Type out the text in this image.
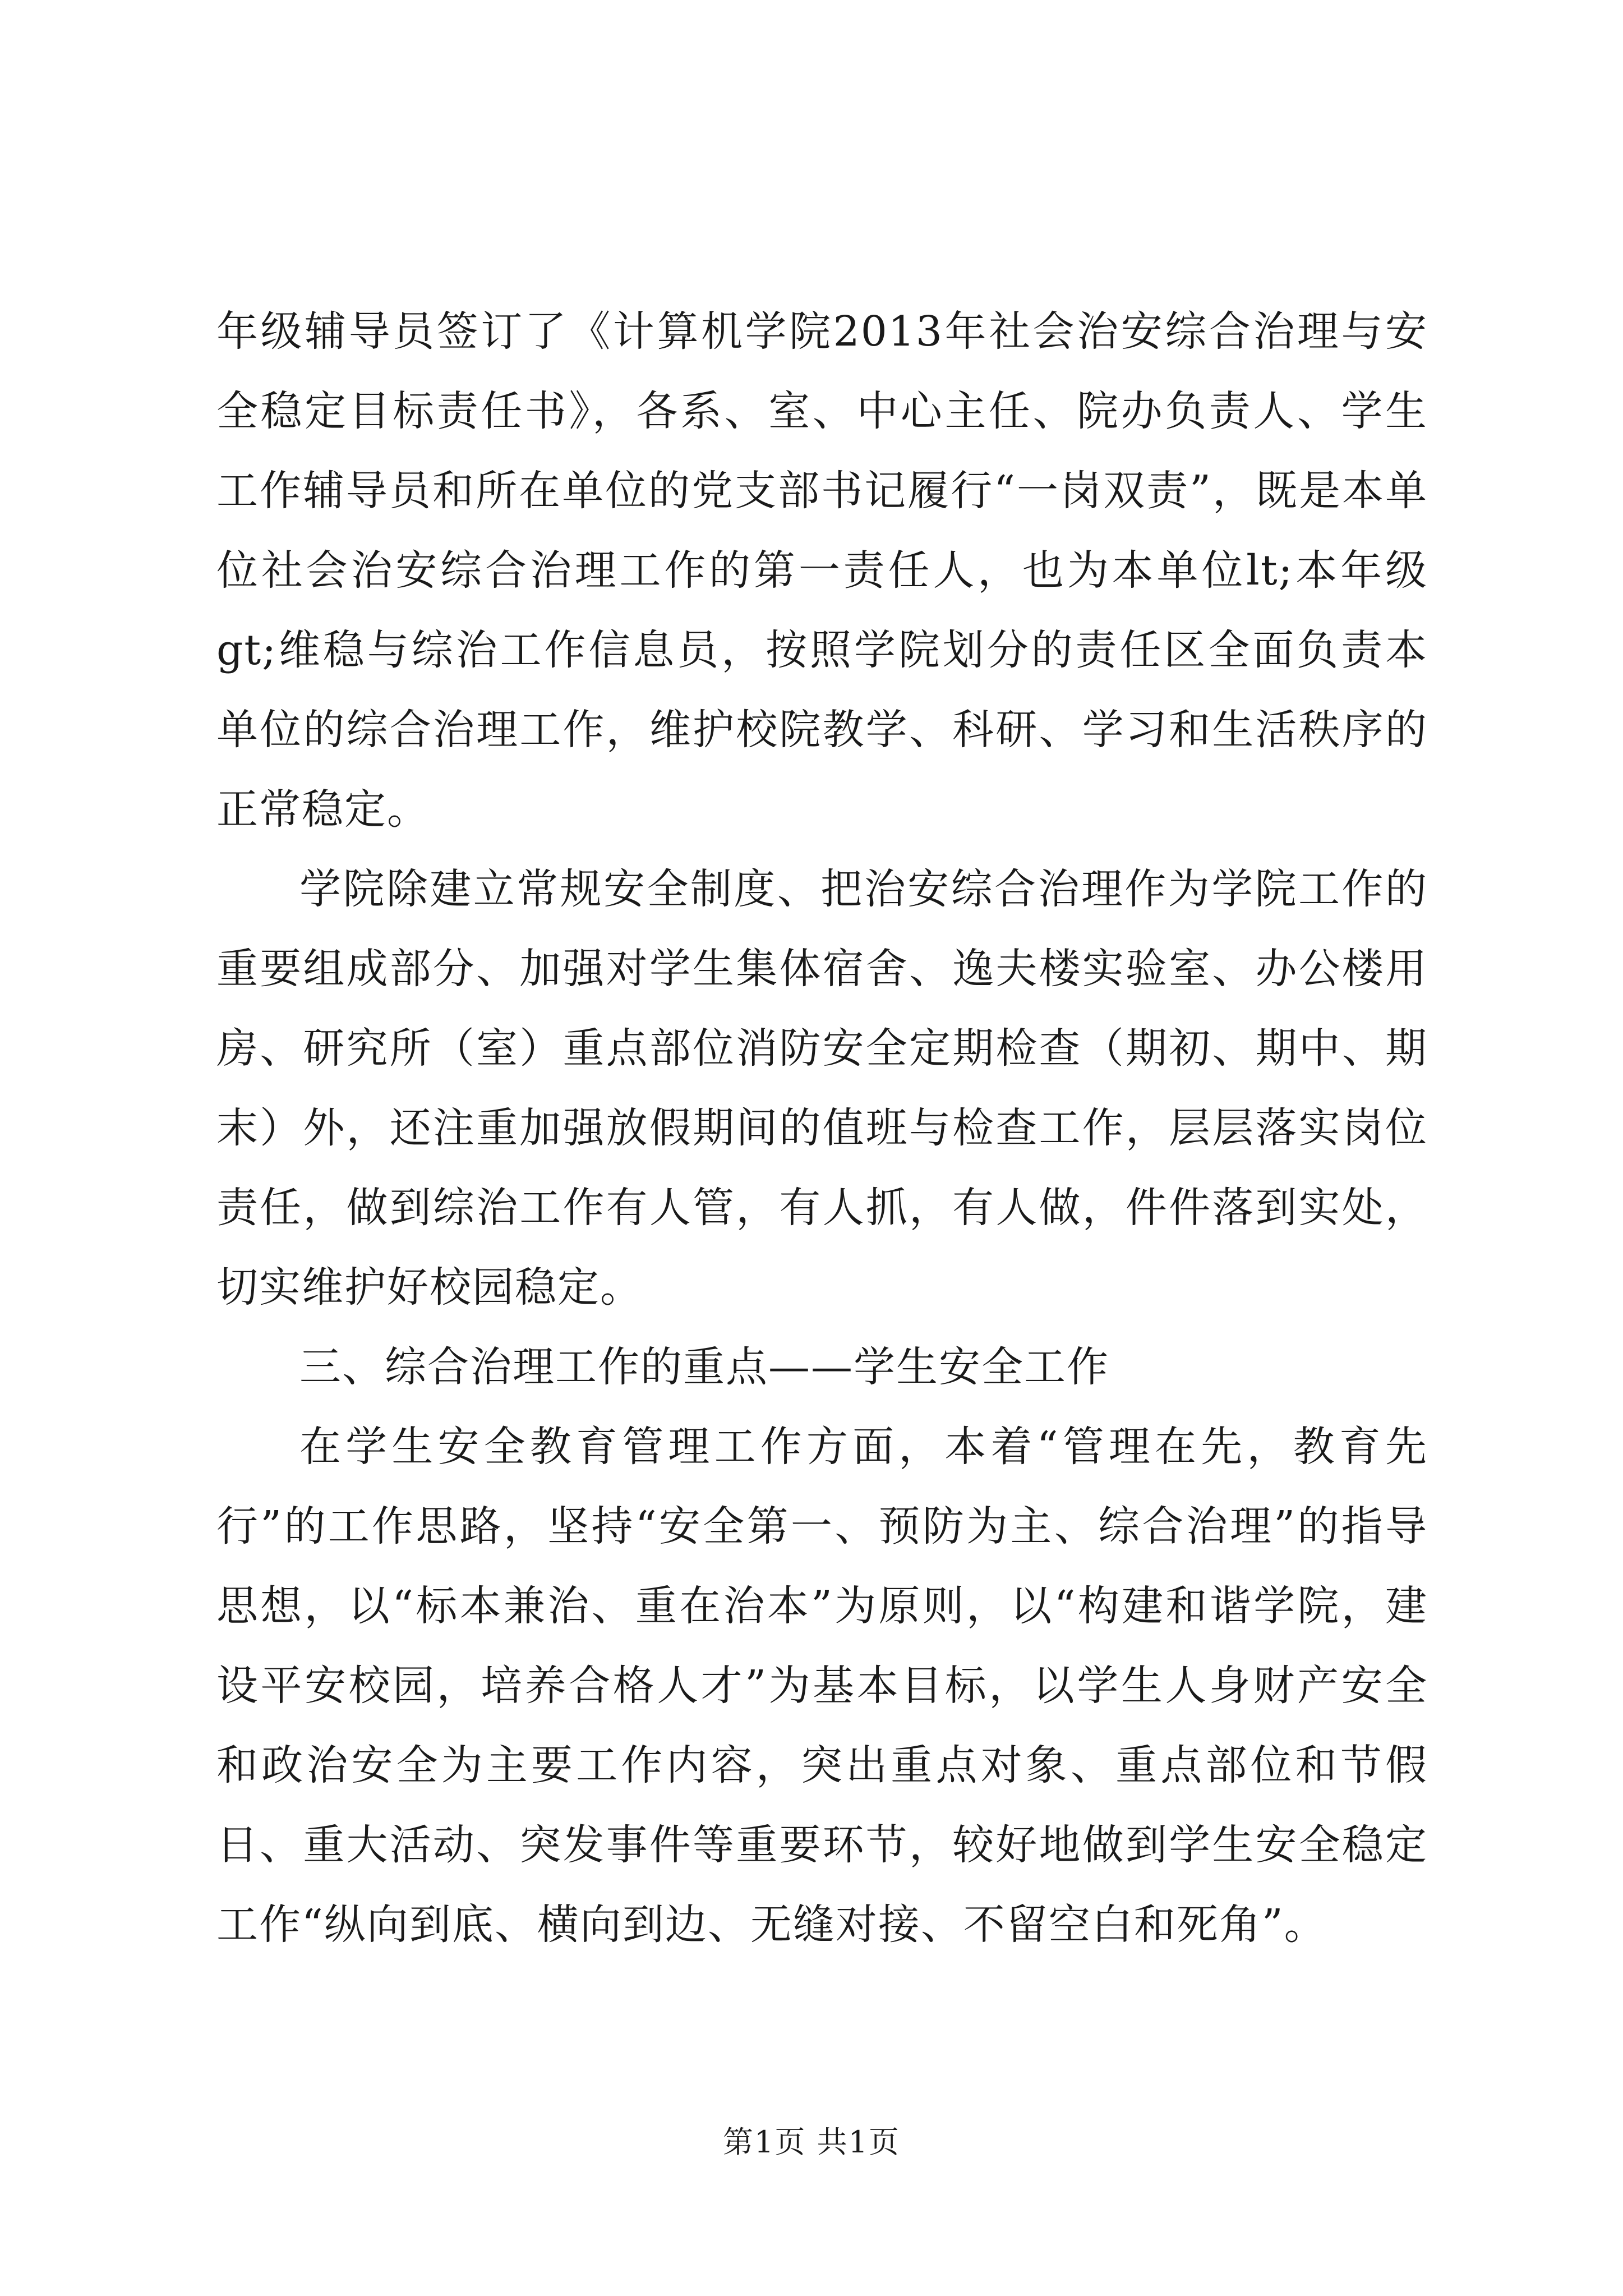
年级辅导员签订了《计算机学院2013年社会治安综合治理与安全稳定目标责任书》，各系、室、中心主任、院办负责人、学生工作辅导员和所在单位的党支部书记履行“一岗双责”，既是本单位社会治安综合治理工作的第一责任人，也为本单位lt;本年级gt;维稳与综治工作信息员，按照学院划分的责任区全面负责本单位的综合治理工作，维护校院教学、科研、学习和生活秩序的正常稳定。

学院除建立常规安全制度、把治安综合治理作为学院工作的重要组成部分、加强对学生集体宿舍、逸夫楼实验室、办公楼用房、研究所（室）重点部位消防安全定期检查（期初、期中、期末）外，还注重加强放假期间的值班与检查工作，层层落实岗位责任，做到综治工作有人管，有人抓，有人做，件件落到实处，切实维护好校园稳定。

三、综合治理工作的重点——学生安全工作

在学生安全教育管理工作方面，本着“管理在先，教育先行”的工作思路，坚持“安全第一、预防为主、综合治理”的指导思想，以“标本兼治、重在治本”为原则，以“构建和谐学院，建设平安校园，培养合格人才”为基本目标，以学生人身财产安全和政治安全为主要工作内容，突出重点对象、重点部位和节假日、重大活动、突发事件等重要环节，较好地做到学生安全稳定工作“纵向到底、横向到边、无缝对接、不留空白和死角”。

第1页 共1页
